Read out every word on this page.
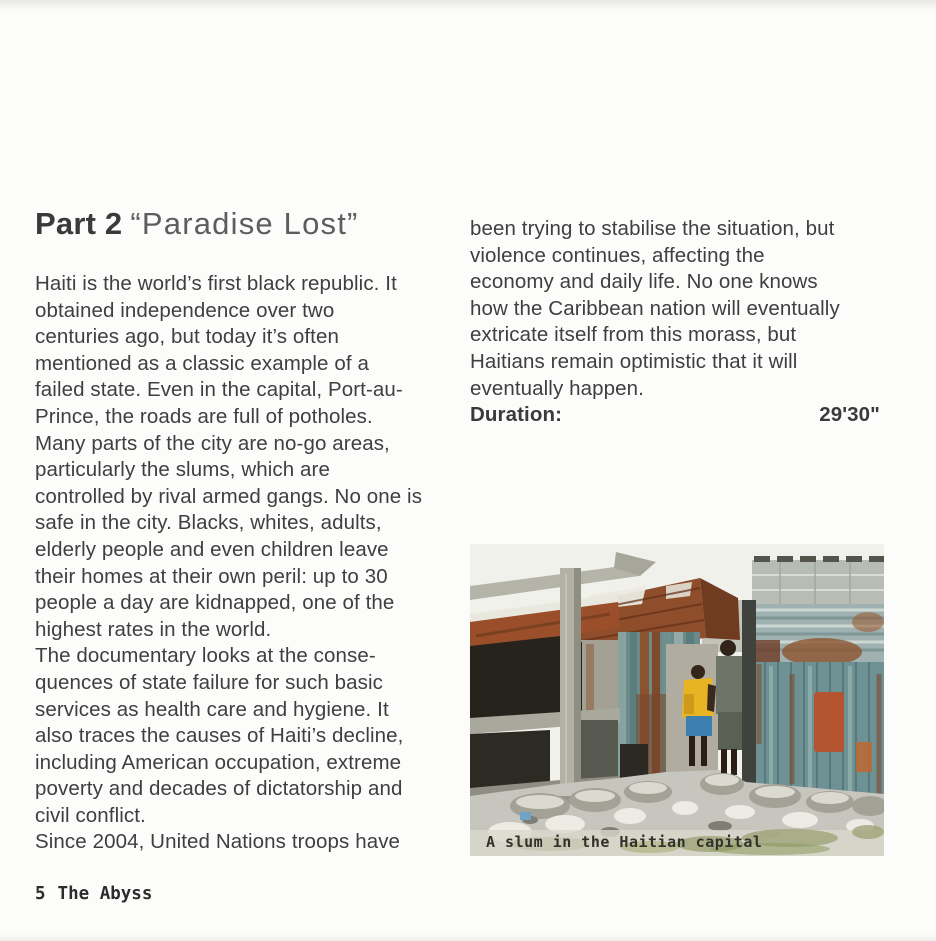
Part 2 “Paradise Lost”
Haiti is the world’s first black republic. It
obtained independence over two
centuries ago, but today it’s often
mentioned as a classic example of a
failed state. Even in the capital, Port-au-
Prince, the roads are full of potholes.
Many parts of the city are no-go areas,
particularly the slums, which are
controlled by rival armed gangs. No one is
safe in the city. Blacks, whites, adults,
elderly people and even children leave
their homes at their own peril: up to 30
people a day are kidnapped, one of the
highest rates in the world.
The documentary looks at the conse-
quences of state failure for such basic
services as health care and hygiene. It
also traces the causes of Haiti’s decline,
including American occupation, extreme
poverty and decades of dictatorship and
civil conflict.
Since 2004, United Nations troops have
been trying to stabilise the situation, but
violence continues, affecting the
economy and daily life. No one knows
how the Caribbean nation will eventually
extricate itself from this morass, but
Haitians remain optimistic that it will
eventually happen.
Duration:	29'30"
A slum in the Haitian capital
5 The Abyss
